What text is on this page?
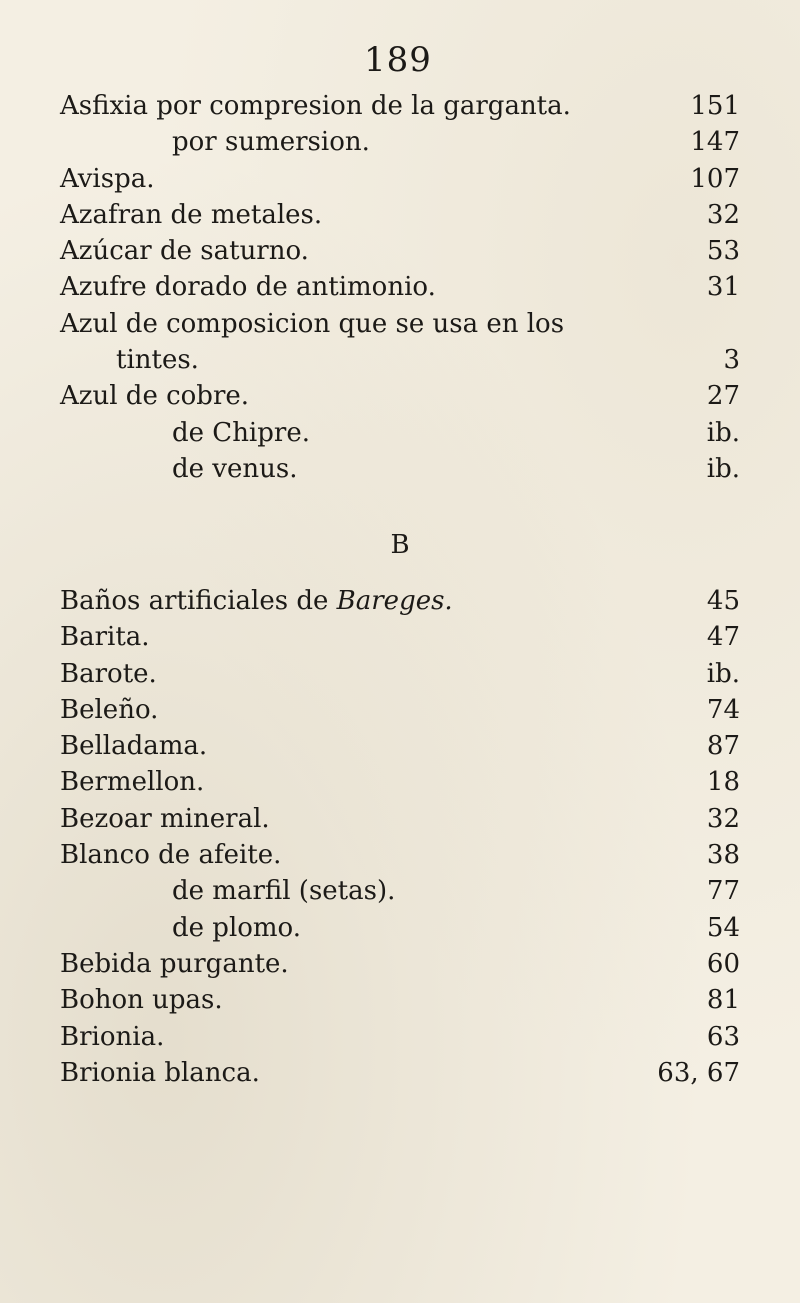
189
Asfixia por compresion de la garganta.	151
por sumersion.	147
Avispa.	107
Azafran de metales.	32
Azúcar de saturno.	53
Azufre dorado de antimonio.	31
Azul de composicion que se usa en los
tintes.	3
Azul de cobre.	27
de Chipre.	ib.
de venus.	ib.
B
Baños artificiales de Bareges.	45
Barita.	47
Barote.	ib.
Beleño.	74
Belladama.	87
Bermellon.	18
Bezoar mineral.	32
Blanco de afeite.	38
de marfil (setas).	77
de plomo.	54
Bebida purgante.	60
Bohon upas.	81
Brionia.	63
Brionia blanca.	63, 67
